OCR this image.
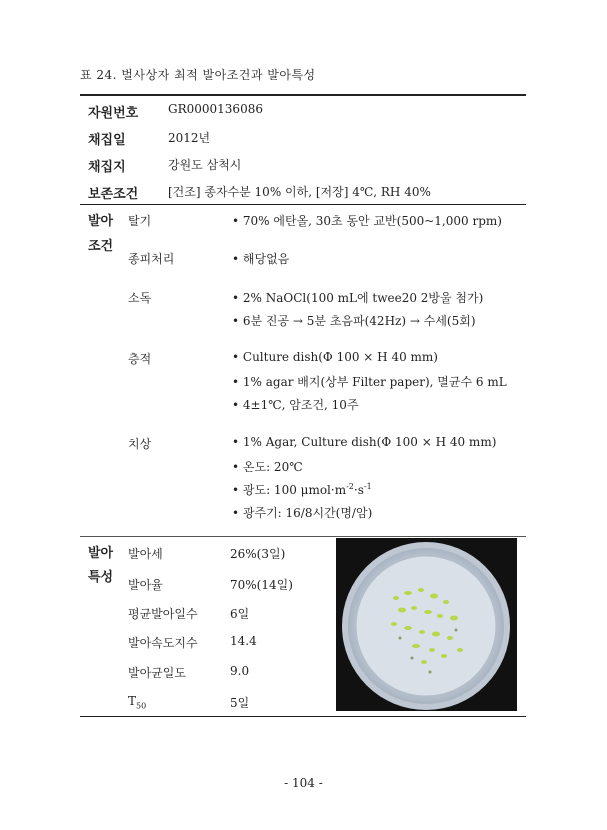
표 24. 벌사상자 최적 발아조건과 발아특성
자원번호 GR0000136086
채집일	2012년
채집지	강원도 삼척시
보존조건 [건조] 종자수분 10% 이하, [저장] 4℃, RH 40%
발아
조건
탈기	• 70% 에탄올, 30초 동안 교반(500~1,000 rpm)
종피처리	• 해당없음
소독	• 2% NaOCl(100 mL에 twee20 2방울 첨가)
• 6분 진공 → 5분 초음파(42Hz) → 수세(5회)
층적	• Culture dish(Φ 100 × H 40 mm)
• 1% agar 배지(상부 Filter paper), 멸균수 6 mL
• 4±1℃, 암조건, 10주
치상	• 1% Agar, Culture dish(Φ 100 × H 40 mm)
• 온도: 20℃
• 광도: 100 $\mu mol\cdot m^{-2}\cdot s^{-1}$
• 광주기: 16/8시간(명/암)
발아
특성
발아세	26%(3일)
발아율	70%(14일)
평균발아일수	6일
발아속도지수	14.4
발아균일도	9.0
$T_{50}$	5일
- 104 -
